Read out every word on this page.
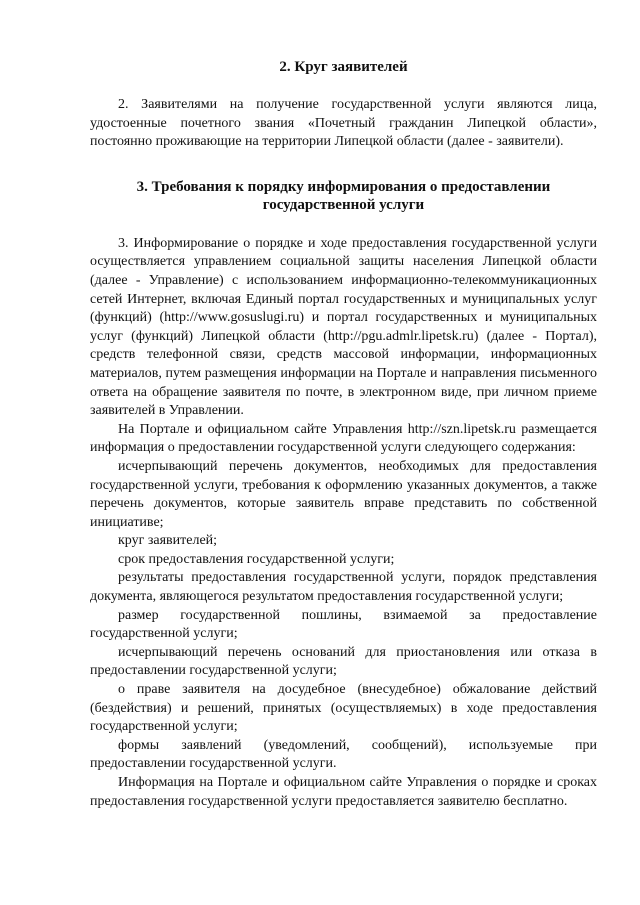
2. Круг заявителей

2. Заявителями на получение государственной услуги являются лица, удостоенные почетного звания «Почетный гражданин Липецкой области», постоянно проживающие на территории Липецкой области (далее - заявители).

3. Требования к порядку информирования о предоставлении
государственной услуги

3. Информирование о порядке и ходе предоставления государственной услуги осуществляется управлением социальной защиты населения Липецкой области (далее - Управление) с использованием информационно-телекоммуникационных сетей Интернет, включая Единый портал государственных и муниципальных услуг (функций) (http://www.gosuslugi.ru) и портал государственных и муниципальных услуг (функций) Липецкой области (http://pgu.admlr.lipetsk.ru) (далее - Портал), средств телефонной связи, средств массовой информации, информационных материалов, путем размещения информации на Портале и направления письменного ответа на обращение заявителя по почте, в электронном виде, при личном приеме заявителей в Управлении.

На Портале и официальном сайте Управления http://szn.lipetsk.ru размещается информация о предоставлении государственной услуги следующего содержания:

исчерпывающий перечень документов, необходимых для предоставления государственной услуги, требования к оформлению указанных документов, а также перечень документов, которые заявитель вправе представить по собственной инициативе;

круг заявителей;

срок предоставления государственной услуги;

результаты предоставления государственной услуги, порядок представления документа, являющегося результатом предоставления государственной услуги;

размер государственной пошлины, взимаемой за предоставление государственной услуги;

исчерпывающий перечень оснований для приостановления или отказа в предоставлении государственной услуги;

о праве заявителя на досудебное (внесудебное) обжалование действий (бездействия) и решений, принятых (осуществляемых) в ходе предоставления государственной услуги;

формы заявлений (уведомлений, сообщений), используемые при предоставлении государственной услуги.

Информация на Портале и официальном сайте Управления о порядке и сроках предоставления государственной услуги предоставляется заявителю бесплатно.
